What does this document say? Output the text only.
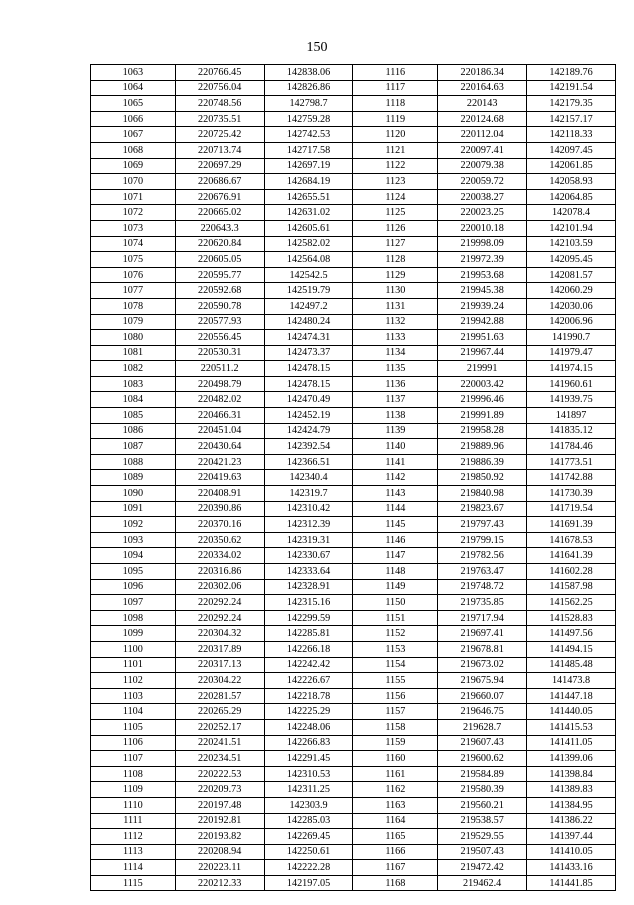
150
1063	220766.45	142838.06	1116	220186.34	142189.76
1064	220756.04	142826.86	1117	220164.63	142191.54
1065	220748.56	142798.7	1118	220143	142179.35
1066	220735.51	142759.28	1119	220124.68	142157.17
1067	220725.42	142742.53	1120	220112.04	142118.33
1068	220713.74	142717.58	1121	220097.41	142097.45
1069	220697.29	142697.19	1122	220079.38	142061.85
1070	220686.67	142684.19	1123	220059.72	142058.93
1071	220676.91	142655.51	1124	220038.27	142064.85
1072	220665.02	142631.02	1125	220023.25	142078.4
1073	220643.3	142605.61	1126	220010.18	142101.94
1074	220620.84	142582.02	1127	219998.09	142103.59
1075	220605.05	142564.08	1128	219972.39	142095.45
1076	220595.77	142542.5	1129	219953.68	142081.57
1077	220592.68	142519.79	1130	219945.38	142060.29
1078	220590.78	142497.2	1131	219939.24	142030.06
1079	220577.93	142480.24	1132	219942.88	142006.96
1080	220556.45	142474.31	1133	219951.63	141990.7
1081	220530.31	142473.37	1134	219967.44	141979.47
1082	220511.2	142478.15	1135	219991	141974.15
1083	220498.79	142478.15	1136	220003.42	141960.61
1084	220482.02	142470.49	1137	219996.46	141939.75
1085	220466.31	142452.19	1138	219991.89	141897
1086	220451.04	142424.79	1139	219958.28	141835.12
1087	220430.64	142392.54	1140	219889.96	141784.46
1088	220421.23	142366.51	1141	219886.39	141773.51
1089	220419.63	142340.4	1142	219850.92	141742.88
1090	220408.91	142319.7	1143	219840.98	141730.39
1091	220390.86	142310.42	1144	219823.67	141719.54
1092	220370.16	142312.39	1145	219797.43	141691.39
1093	220350.62	142319.31	1146	219799.15	141678.53
1094	220334.02	142330.67	1147	219782.56	141641.39
1095	220316.86	142333.64	1148	219763.47	141602.28
1096	220302.06	142328.91	1149	219748.72	141587.98
1097	220292.24	142315.16	1150	219735.85	141562.25
1098	220292.24	142299.59	1151	219717.94	141528.83
1099	220304.32	142285.81	1152	219697.41	141497.56
1100	220317.89	142266.18	1153	219678.81	141494.15
1101	220317.13	142242.42	1154	219673.02	141485.48
1102	220304.22	142226.67	1155	219675.94	141473.8
1103	220281.57	142218.78	1156	219660.07	141447.18
1104	220265.29	142225.29	1157	219646.75	141440.05
1105	220252.17	142248.06	1158	219628.7	141415.53
1106	220241.51	142266.83	1159	219607.43	141411.05
1107	220234.51	142291.45	1160	219600.62	141399.06
1108	220222.53	142310.53	1161	219584.89	141398.84
1109	220209.73	142311.25	1162	219580.39	141389.83
1110	220197.48	142303.9	1163	219560.21	141384.95
1111	220192.81	142285.03	1164	219538.57	141386.22
1112	220193.82	142269.45	1165	219529.55	141397.44
1113	220208.94	142250.61	1166	219507.43	141410.05
1114	220223.11	142222.28	1167	219472.42	141433.16
1115	220212.33	142197.05	1168	219462.4	141441.85
